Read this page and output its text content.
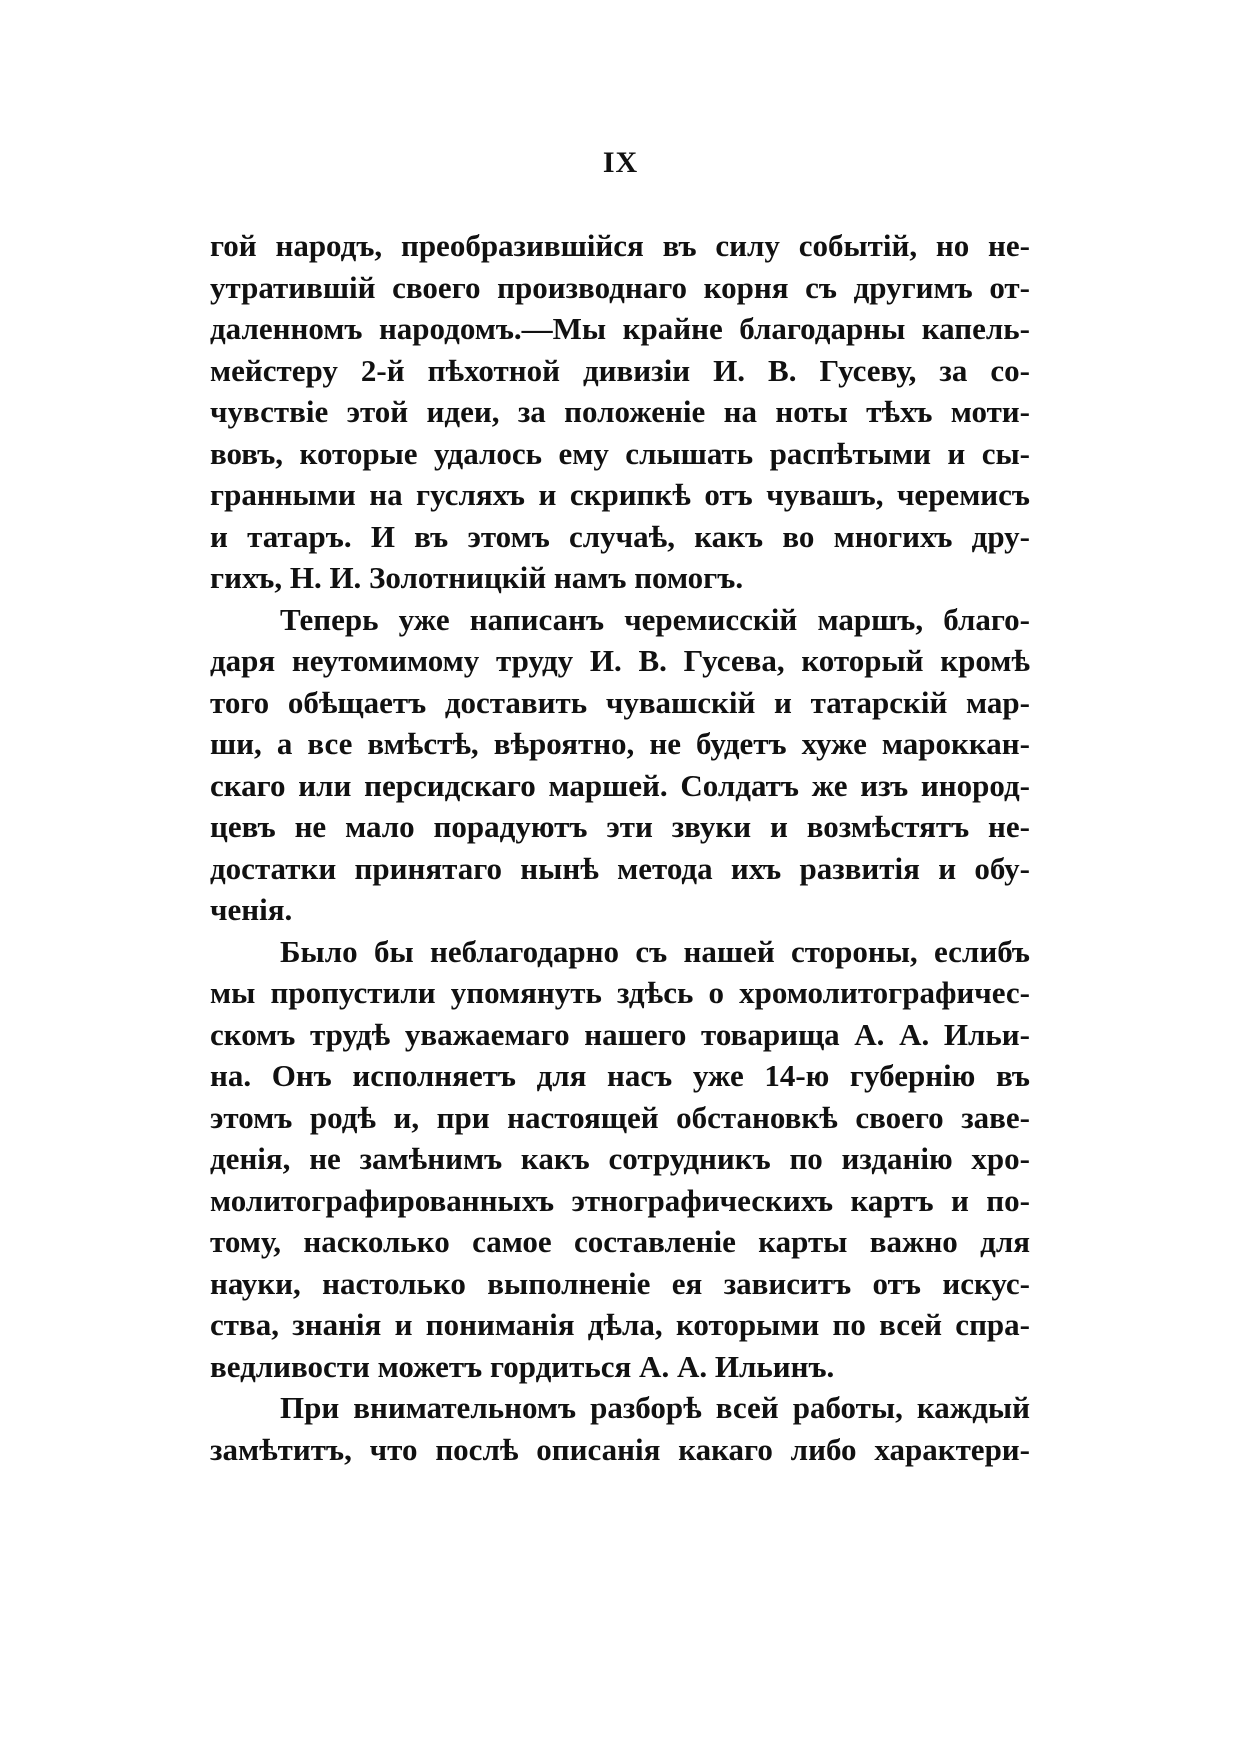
IX
гой народъ, преобразившійся въ силу событій, но не-
утратившій своего производнаго корня съ другимъ от-
даленномъ народомъ.—Мы крайне благодарны капель-
мейстеру 2-й пѣхотной дивизіи И. В. Гусеву, за со-
чувствіе этой идеи, за положеніе на ноты тѣхъ моти-
вовъ, которые удалось ему слышать распѣтыми и сы-
гранными на гусляхъ и скрипкѣ отъ чувашъ, черемисъ
и татаръ. И въ этомъ случаѣ, какъ во многихъ дру-
гихъ, Н. И. Золотницкій намъ помогъ.
Теперь уже написанъ черемисскій маршъ, благо-
даря неутомимому труду И. В. Гусева, который кромѣ
того обѣщаетъ доставить чувашскій и татарскій мар-
ши, а все вмѣстѣ, вѣроятно, не будетъ хуже мароккан-
скаго или персидскаго маршей. Солдатъ же изъ инород-
цевъ не мало порадуютъ эти звуки и возмѣстятъ не-
достатки принятаго нынѣ метода ихъ развитія и обу-
ченія.
Было бы неблагодарно съ нашей стороны, еслибъ
мы пропустили упомянуть здѣсь о хромолитографичес-
скомъ трудѣ уважаемаго нашего товарища А. А. Ильи-
на. Онъ исполняетъ для насъ уже 14-ю губернію въ
этомъ родѣ и, при настоящей обстановкѣ своего заве-
денія, не замѣнимъ какъ сотрудникъ по изданію хро-
молитографированныхъ этнографическихъ картъ и по-
тому, насколько самое составленіе карты важно для
науки, настолько выполненіе ея зависитъ отъ искус-
ства, знанія и пониманія дѣла, которыми по всей спра-
ведливости можетъ гордиться А. А. Ильинъ.
При внимательномъ разборѣ всей работы, каждый
замѣтитъ, что послѣ описанія какаго либо характери-
